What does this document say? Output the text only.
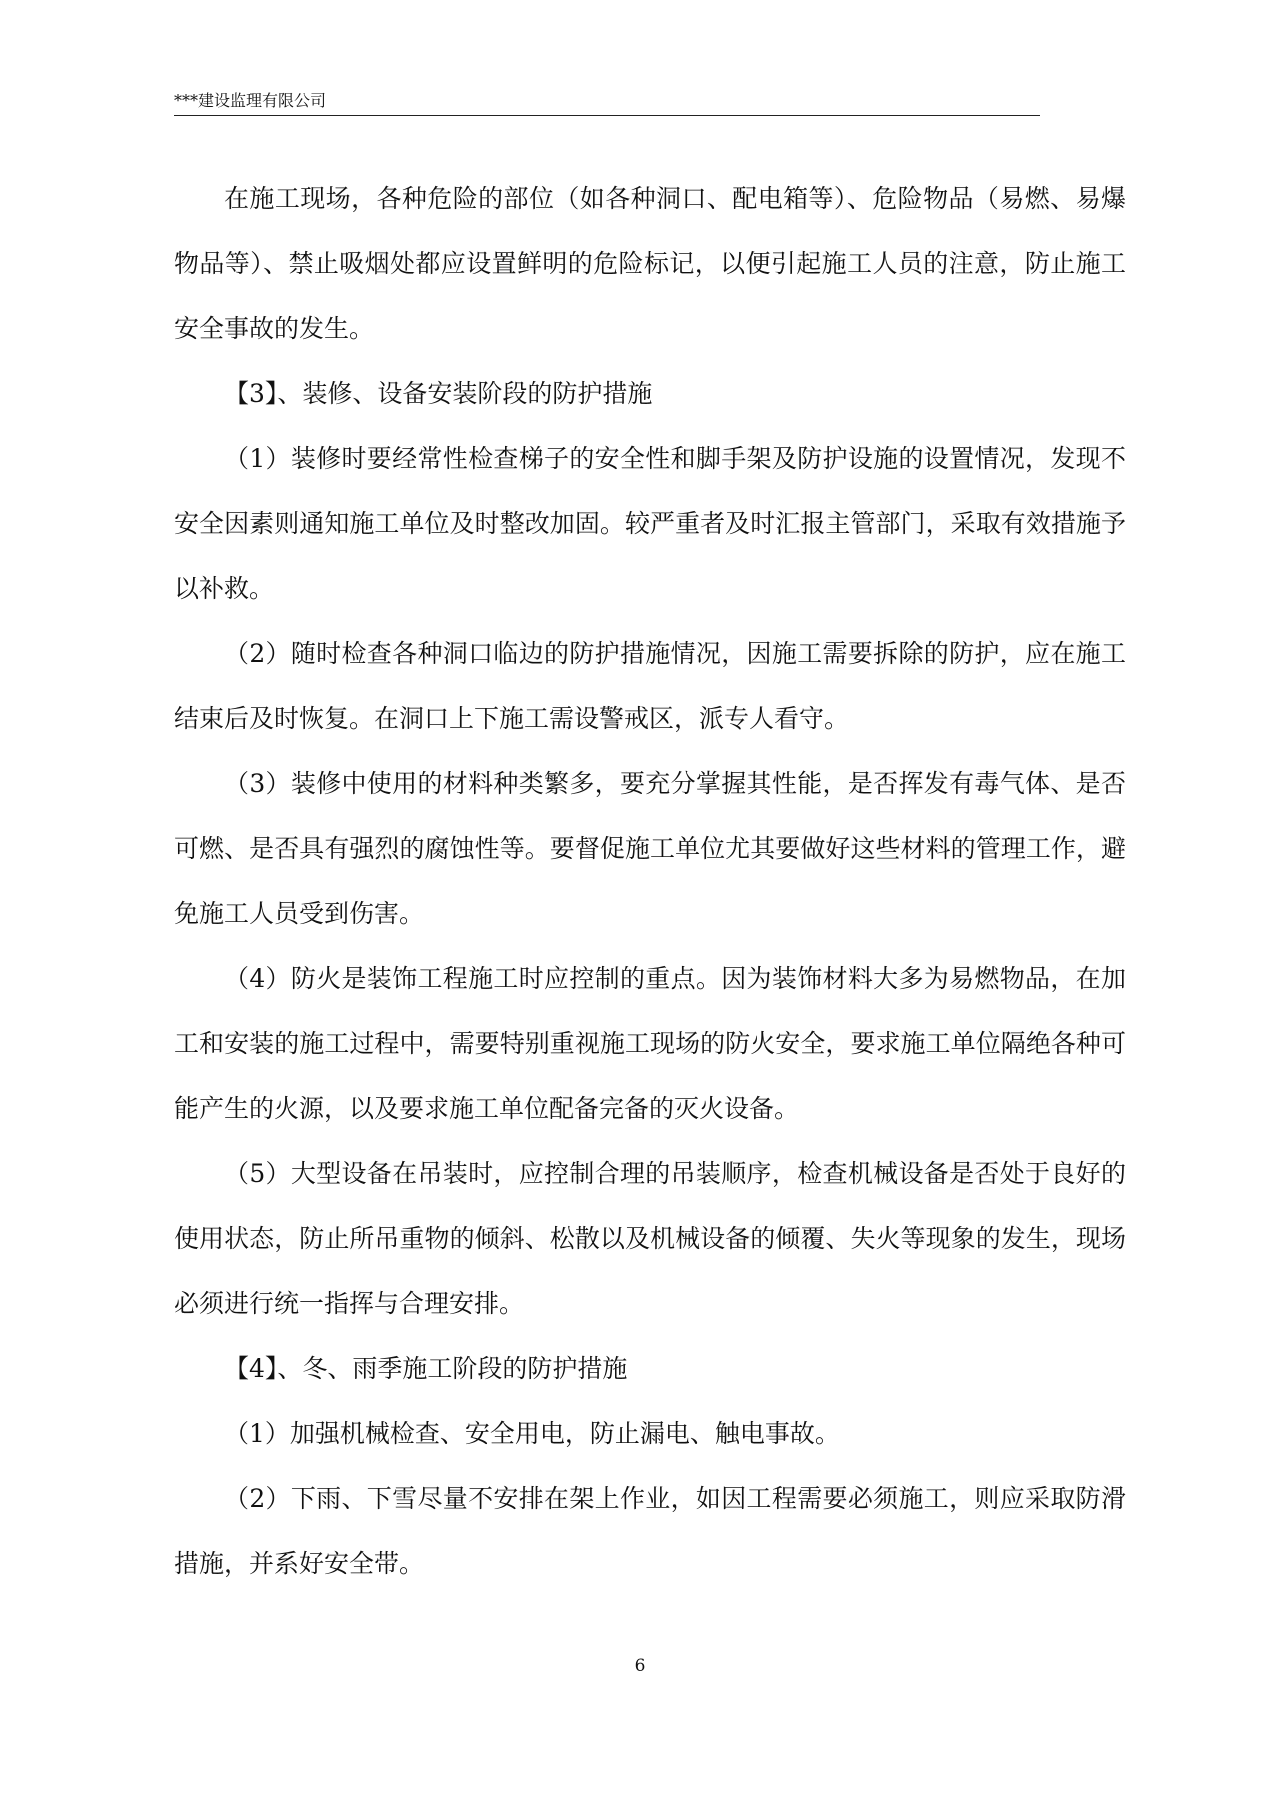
***建设监理有限公司

在施工现场，各种危险的部位（如各种洞口、配电箱等）、危险物品（易燃、易爆物品等）、禁止吸烟处都应设置鲜明的危险标记，以便引起施工人员的注意，防止施工安全事故的发生。

【3】、装修、设备安装阶段的防护措施

（1）装修时要经常性检查梯子的安全性和脚手架及防护设施的设置情况，发现不安全因素则通知施工单位及时整改加固。较严重者及时汇报主管部门，采取有效措施予以补救。

（2）随时检查各种洞口临边的防护措施情况，因施工需要拆除的防护，应在施工结束后及时恢复。在洞口上下施工需设警戒区，派专人看守。

（3）装修中使用的材料种类繁多，要充分掌握其性能，是否挥发有毒气体、是否可燃、是否具有强烈的腐蚀性等。要督促施工单位尤其要做好这些材料的管理工作，避免施工人员受到伤害。

（4）防火是装饰工程施工时应控制的重点。因为装饰材料大多为易燃物品，在加工和安装的施工过程中，需要特别重视施工现场的防火安全，要求施工单位隔绝各种可能产生的火源，以及要求施工单位配备完备的灭火设备。

（5）大型设备在吊装时，应控制合理的吊装顺序，检查机械设备是否处于良好的使用状态，防止所吊重物的倾斜、松散以及机械设备的倾覆、失火等现象的发生，现场必须进行统一指挥与合理安排。

【4】、冬、雨季施工阶段的防护措施

（1）加强机械检查、安全用电，防止漏电、触电事故。

（2）下雨、下雪尽量不安排在架上作业，如因工程需要必须施工，则应采取防滑措施，并系好安全带。

6
